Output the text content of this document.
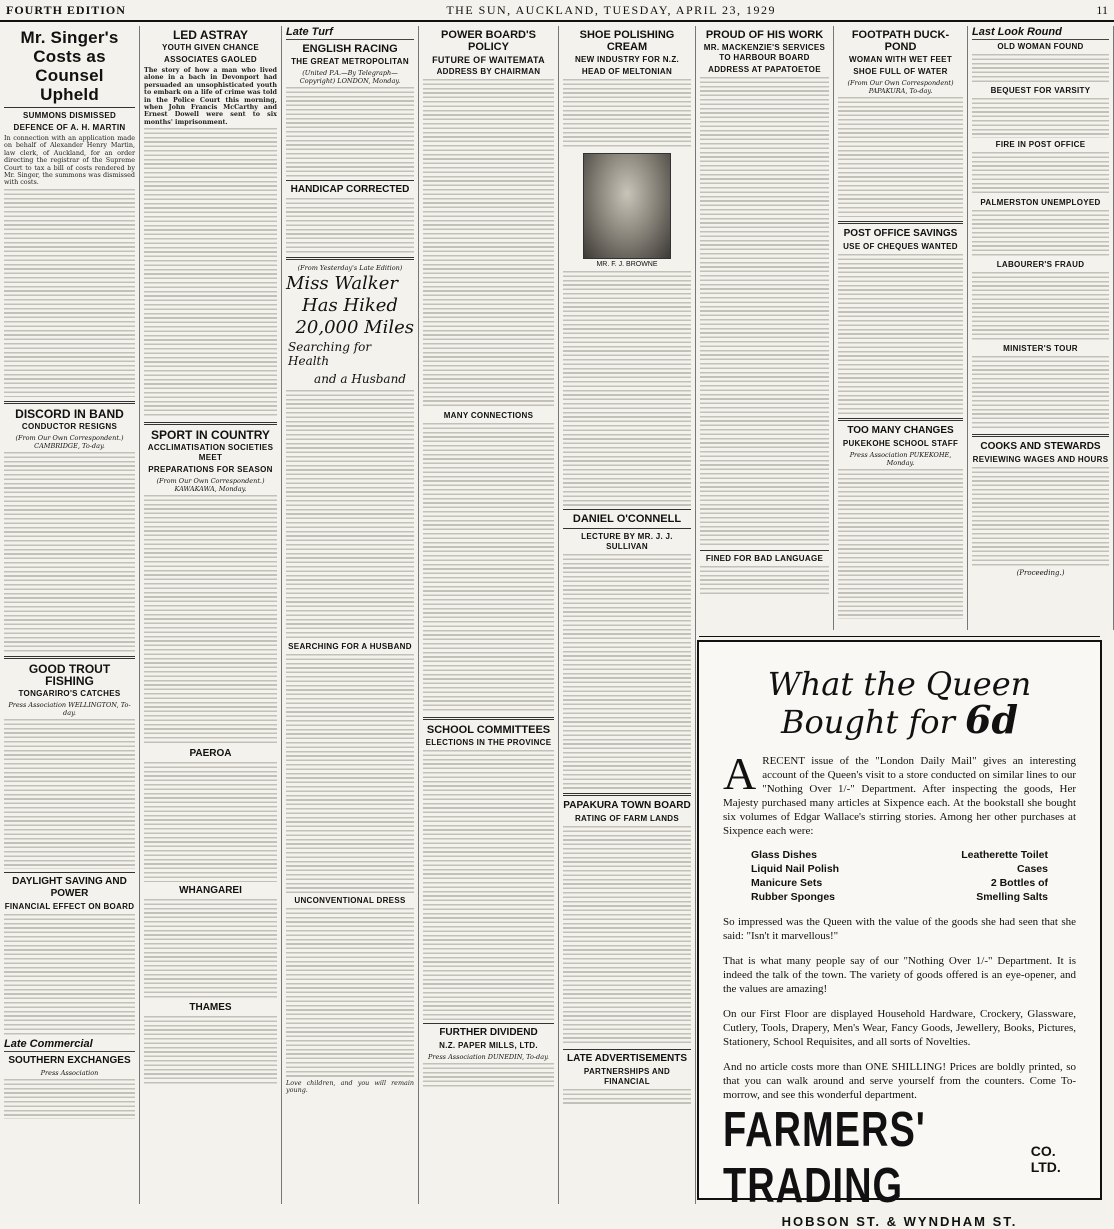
FOURTH EDITION	THE SUN, AUCKLAND, TUESDAY, APRIL 23, 1929	11
Mr. Singer's Costs as Counsel Upheld
SUMMONS DISMISSED
DEFENCE OF A. H. MARTIN
In connection with an application made on behalf of Alexander Henry Martin, law clerk, of Auckland, for an order directing the registrar of the Supreme Court to tax a bill of costs rendered by Mr. Singer, the summons was dismissed with costs.
DISCORD IN BAND
CONDUCTOR RESIGNS
(From Our Own Correspondent.) CAMBRIDGE, To-day.
GOOD TROUT FISHING
TONGARIRO'S CATCHES
Press Association WELLINGTON, To-day.
DAYLIGHT SAVING AND POWER
FINANCIAL EFFECT ON BOARD
Late Commercial
SOUTHERN EXCHANGES
Press Association
LED ASTRAY
YOUTH GIVEN CHANCE
ASSOCIATES GAOLED
The story of how a man who lived alone in a bach in Devonport had persuaded an unsophisticated youth to embark on a life of crime was told in the Police Court this morning, when John Francis McCarthy and Ernest Dowell were sent to six months' imprisonment.
SPORT IN COUNTRY
ACCLIMATISATION SOCIETIES MEET
PREPARATIONS FOR SEASON
(From Our Own Correspondent.) KAWAKAWA, Monday.
PAEROA
WHANGAREI
THAMES
Late Turf
ENGLISH RACING
THE GREAT METROPOLITAN
(United P.A.—By Telegraph—Copyright) LONDON, Monday.
HANDICAP CORRECTED
(From Yesterday's Late Edition)
Miss Walker
Has Hiked
20,000 Miles
Searching for Health
and a Husband
SEARCHING FOR A HUSBAND
UNCONVENTIONAL DRESS
Love children, and you will remain young.
POWER BOARD'S POLICY
FUTURE OF WAITEMATA
ADDRESS BY CHAIRMAN
MANY CONNECTIONS
SCHOOL COMMITTEES
ELECTIONS IN THE PROVINCE
FURTHER DIVIDEND
N.Z. PAPER MILLS, LTD.
Press Association DUNEDIN, To-day.
SHOE POLISHING CREAM
NEW INDUSTRY FOR N.Z.
HEAD OF MELTONIAN
MR. F. J. BROWNE
DANIEL O'CONNELL
LECTURE BY MR. J. J. SULLIVAN
PAPAKURA TOWN BOARD
RATING OF FARM LANDS
LATE ADVERTISEMENTS
PARTNERSHIPS AND FINANCIAL
PROUD OF HIS WORK
MR. MACKENZIE'S SERVICES TO HARBOUR BOARD
ADDRESS AT PAPATOETOE
FINED FOR BAD LANGUAGE
FOOTPATH DUCK-POND
WOMAN WITH WET FEET
SHOE FULL OF WATER
(From Our Own Correspondent) PAPAKURA, To-day.
POST OFFICE SAVINGS
USE OF CHEQUES WANTED
TOO MANY CHANGES
PUKEKOHE SCHOOL STAFF
Press Association PUKEKOHE, Monday.
Last Look Round
OLD WOMAN FOUND
BEQUEST FOR VARSITY
FIRE IN POST OFFICE
PALMERSTON UNEMPLOYED
LABOURER'S FRAUD
MINISTER'S TOUR
COOKS AND STEWARDS
REVIEWING WAGES AND HOURS
(Proceeding.)
What the Queen
Bought for 6d
A RECENT issue of the "London Daily Mail" gives an interesting account of the Queen's visit to a store conducted on similar lines to our "Nothing Over 1/-" Department. After inspecting the goods, Her Majesty purchased many articles at Sixpence each. At the bookstall she bought six volumes of Edgar Wallace's stirring stories. Among her other purchases at Sixpence each were:
Glass Dishes	Leatherette Toilet
Liquid Nail Polish	Cases
Manicure Sets	2 Bottles of
Rubber Sponges	Smelling Salts

So impressed was the Queen with the value of the goods she had seen that she said: "Isn't it marvellous!"

That is what many people say of our "Nothing Over 1/-" Department. It is indeed the talk of the town. The variety of goods offered is an eye-opener, and the values are amazing!

On our First Floor are displayed Household Hardware, Crockery, Glassware, Cutlery, Tools, Drapery, Men's Wear, Fancy Goods, Jewellery, Books, Pictures, Stationery, School Requisites, and all sorts of Novelties.

And no article costs more than ONE SHILLING! Prices are boldly printed, so that you can walk around and serve yourself from the counters. Come To-morrow, and see this wonderful department.

FARMERS' TRADING
CO. LTD.
HOBSON ST. & WYNDHAM ST.
